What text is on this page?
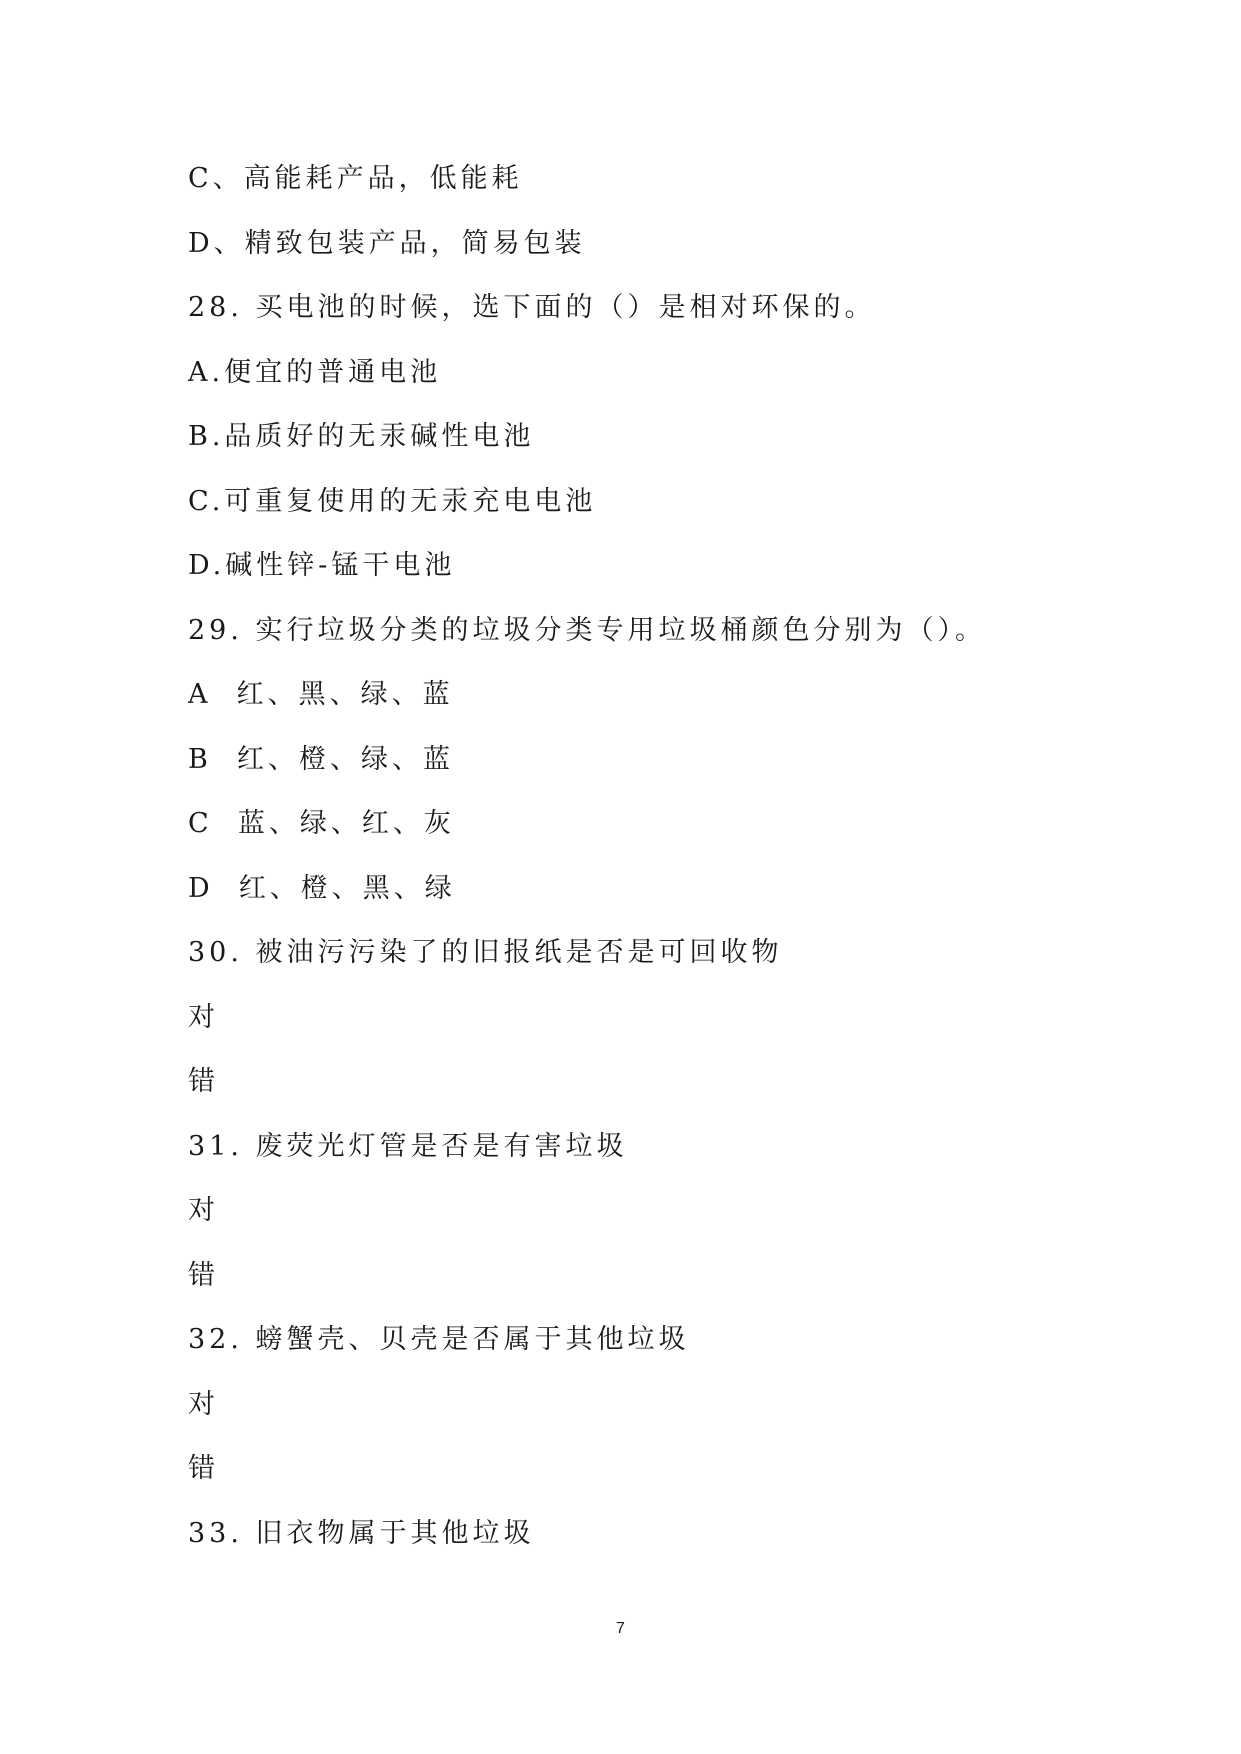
C、高能耗产品，低能耗
D、精致包装产品，简易包装
28. 买电池的时候，选下面的（）是相对环保的。
A.便宜的普通电池
B.品质好的无汞碱性电池
C.可重复使用的无汞充电电池
D.碱性锌-锰干电池
29. 实行垃圾分类的垃圾分类专用垃圾桶颜色分别为（）。
A  红、黑、绿、蓝
B  红、橙、绿、蓝
C  蓝、绿、红、灰
D  红、橙、黑、绿
30. 被油污污染了的旧报纸是否是可回收物
对
错
31. 废荧光灯管是否是有害垃圾
对
错
32. 螃蟹壳、贝壳是否属于其他垃圾
对
错
33. 旧衣物属于其他垃圾
7
